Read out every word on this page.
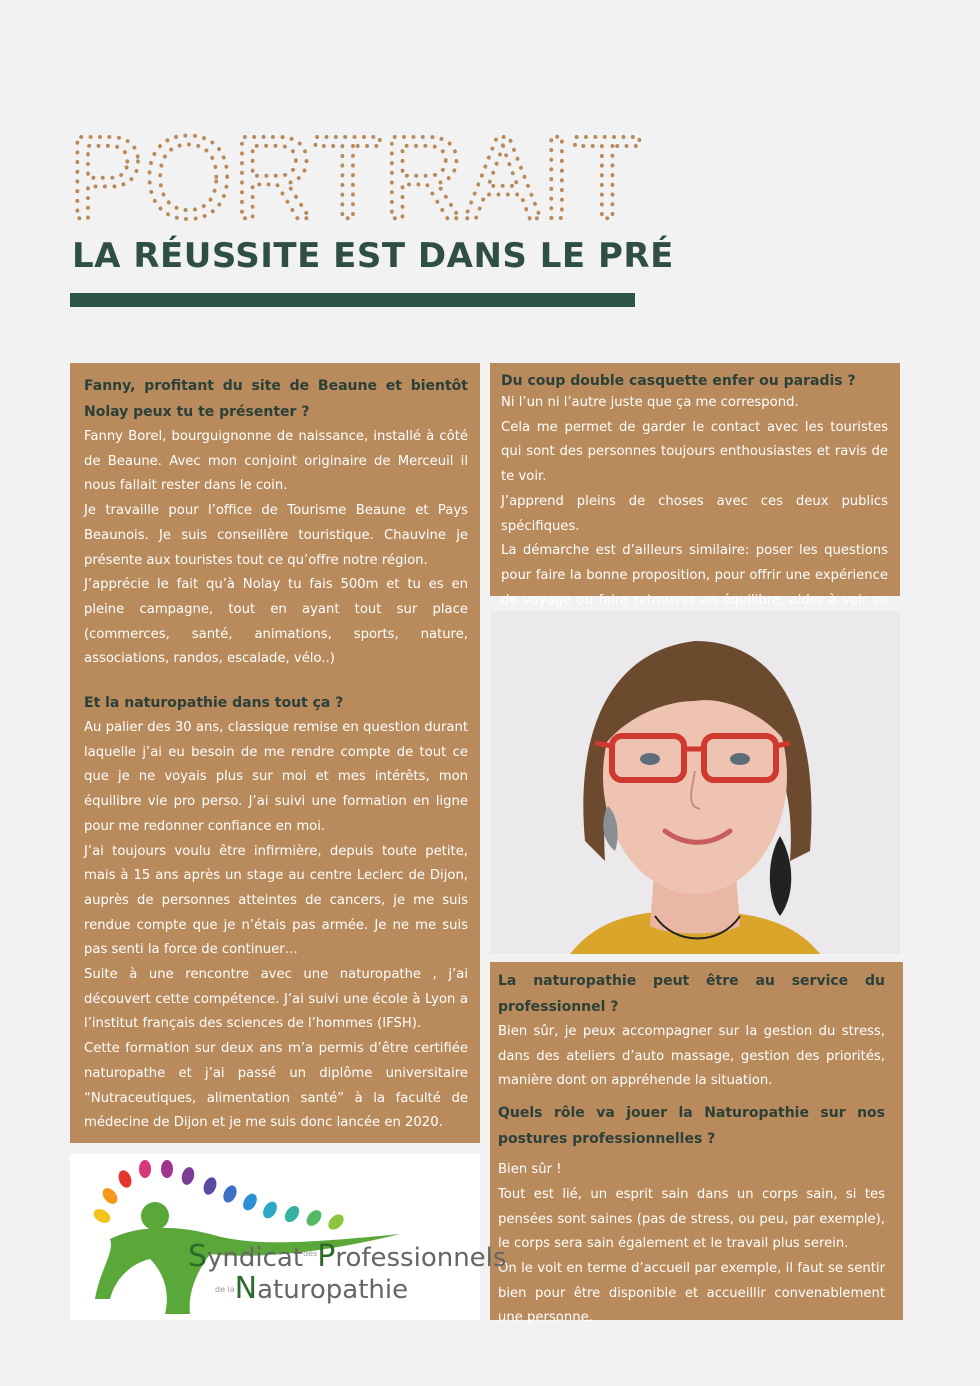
PORTRAIT
LA RÉUSSITE EST DANS LE PRÉ
Fanny, profitant du site de Beaune et bientôt Nolay peux tu te présenter ?

Fanny Borel, bourguignonne de naissance, installé à côté de Beaune. Avec mon conjoint originaire de Merceuil il nous fallait rester dans le coin.

Je travaille pour l’office de Tourisme Beaune et Pays Beaunois. Je suis conseillère touristique. Chauvine je présente aux touristes tout ce qu’offre notre région.

J’apprécie le fait qu’à Nolay tu fais 500m et tu es en pleine campagne, tout en ayant tout sur place (commerces, santé, animations, sports, nature, associations, randos, escalade, vélo..)

Et la naturopathie dans tout ça ?

Au palier des 30 ans, classique remise en question durant laquelle j’ai eu besoin de me rendre compte de tout ce que je ne voyais plus sur moi et mes intérêts, mon équilibre vie pro perso. J’ai suivi une formation en ligne pour me redonner confiance en moi.

J’ai toujours voulu être infirmière, depuis toute petite, mais à 15 ans après un stage au centre Leclerc de Dijon, auprès de personnes atteintes de cancers, je me suis rendue compte que je n’étais pas armée. Je ne me suis pas senti la force de continuer…

Suite à une rencontre avec une naturopathe , j’ai découvert cette compétence. J’ai suivi une école à Lyon a l’institut français des sciences de l’hommes (IFSH).

Cette formation sur deux ans m’a permis d’être certifiée naturopathe et j’ai passé un diplôme universitaire “Nutraceutiques, alimentation santé” à la faculté de médecine de Dijon et je me suis donc lancée en 2020.

Du coup double casquette enfer ou paradis ?

Ni l’un ni l’autre juste que ça me correspond.

Cela me permet de garder le contact avec les touristes qui sont des personnes toujours enthousiastes et ravis de te voir.

J’apprend pleins de choses avec ces deux publics spécifiques.

La démarche est d’ailleurs similaire: poser les questions pour faire la bonne proposition, pour offrir une expérience de voyage ou faire retrouver un équilibre, aider à voir ce

La naturopathie peut être au service du professionnel ?

Bien sûr, je peux accompagner sur la gestion du stress, dans des ateliers d’auto massage, gestion des priorités, manière dont on appréhende la situation.

Quels rôle va jouer la Naturopathie sur nos postures professionnelles ?

Bien sûr !

Tout est lié, un esprit sain dans un corps sain, si tes pensées sont saines (pas de stress, ou peu, par exemple), le corps sera sain également et le travail plus serein.

On le voit en terme d’accueil par exemple, il faut se sentir bien pour être disponible et accueillir convenablement une personne.

Syndicat$^{des}$Professionnels
$^{de la}$Naturopathie
